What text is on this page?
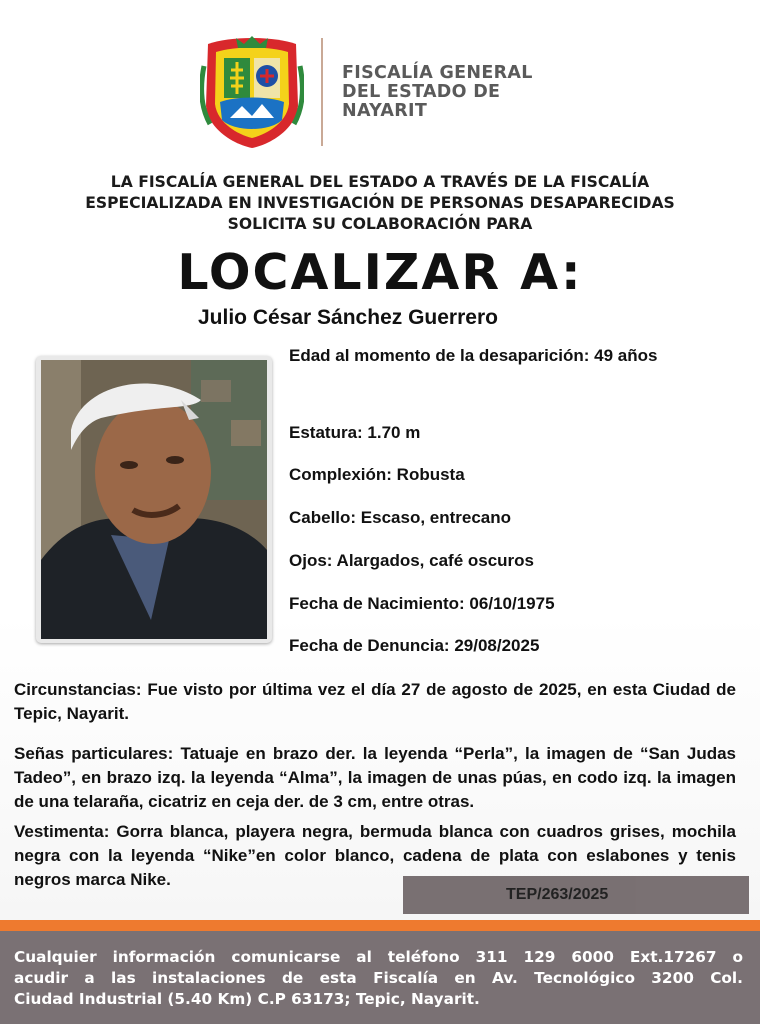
FISCALÍA GENERAL
DEL ESTADO DE
NAYARIT
LA FISCALÍA GENERAL DEL ESTADO A TRAVÉS DE LA FISCALÍA
ESPECIALIZADA EN INVESTIGACIÓN DE PERSONAS DESAPARECIDAS
SOLICITA SU COLABORACIÓN PARA
LOCALIZAR A:
Julio César Sánchez Guerrero
Edad al momento de la desaparición: 49 años
Estatura: 1.70 m
Complexión: Robusta
Cabello: Escaso, entrecano
Ojos: Alargados, café oscuros
Fecha de Nacimiento: 06/10/1975
Fecha de Denuncia: 29/08/2025
Circunstancias: Fue visto por última vez el día 27 de agosto de 2025, en esta Ciudad de Tepic, Nayarit.
Señas particulares: Tatuaje en brazo der. la leyenda “Perla”, la imagen de “San Judas Tadeo”, en brazo izq. la leyenda “Alma”, la imagen de unas púas, en codo izq. la imagen de una telaraña, cicatriz en ceja der. de 3 cm, entre otras.
Vestimenta: Gorra blanca, playera negra, bermuda blanca con cuadros grises, mochila negra con la leyenda “Nike”en color blanco, cadena de plata con eslabones y tenis negros marca Nike.
TEP/263/2025
Cualquier información comunicarse al teléfono 311 129 6000 Ext.17267 o
acudir a las instalaciones de esta Fiscalía en Av. Tecnológico 3200 Col.
Ciudad Industrial (5.40 Km) C.P 63173; Tepic, Nayarit.
